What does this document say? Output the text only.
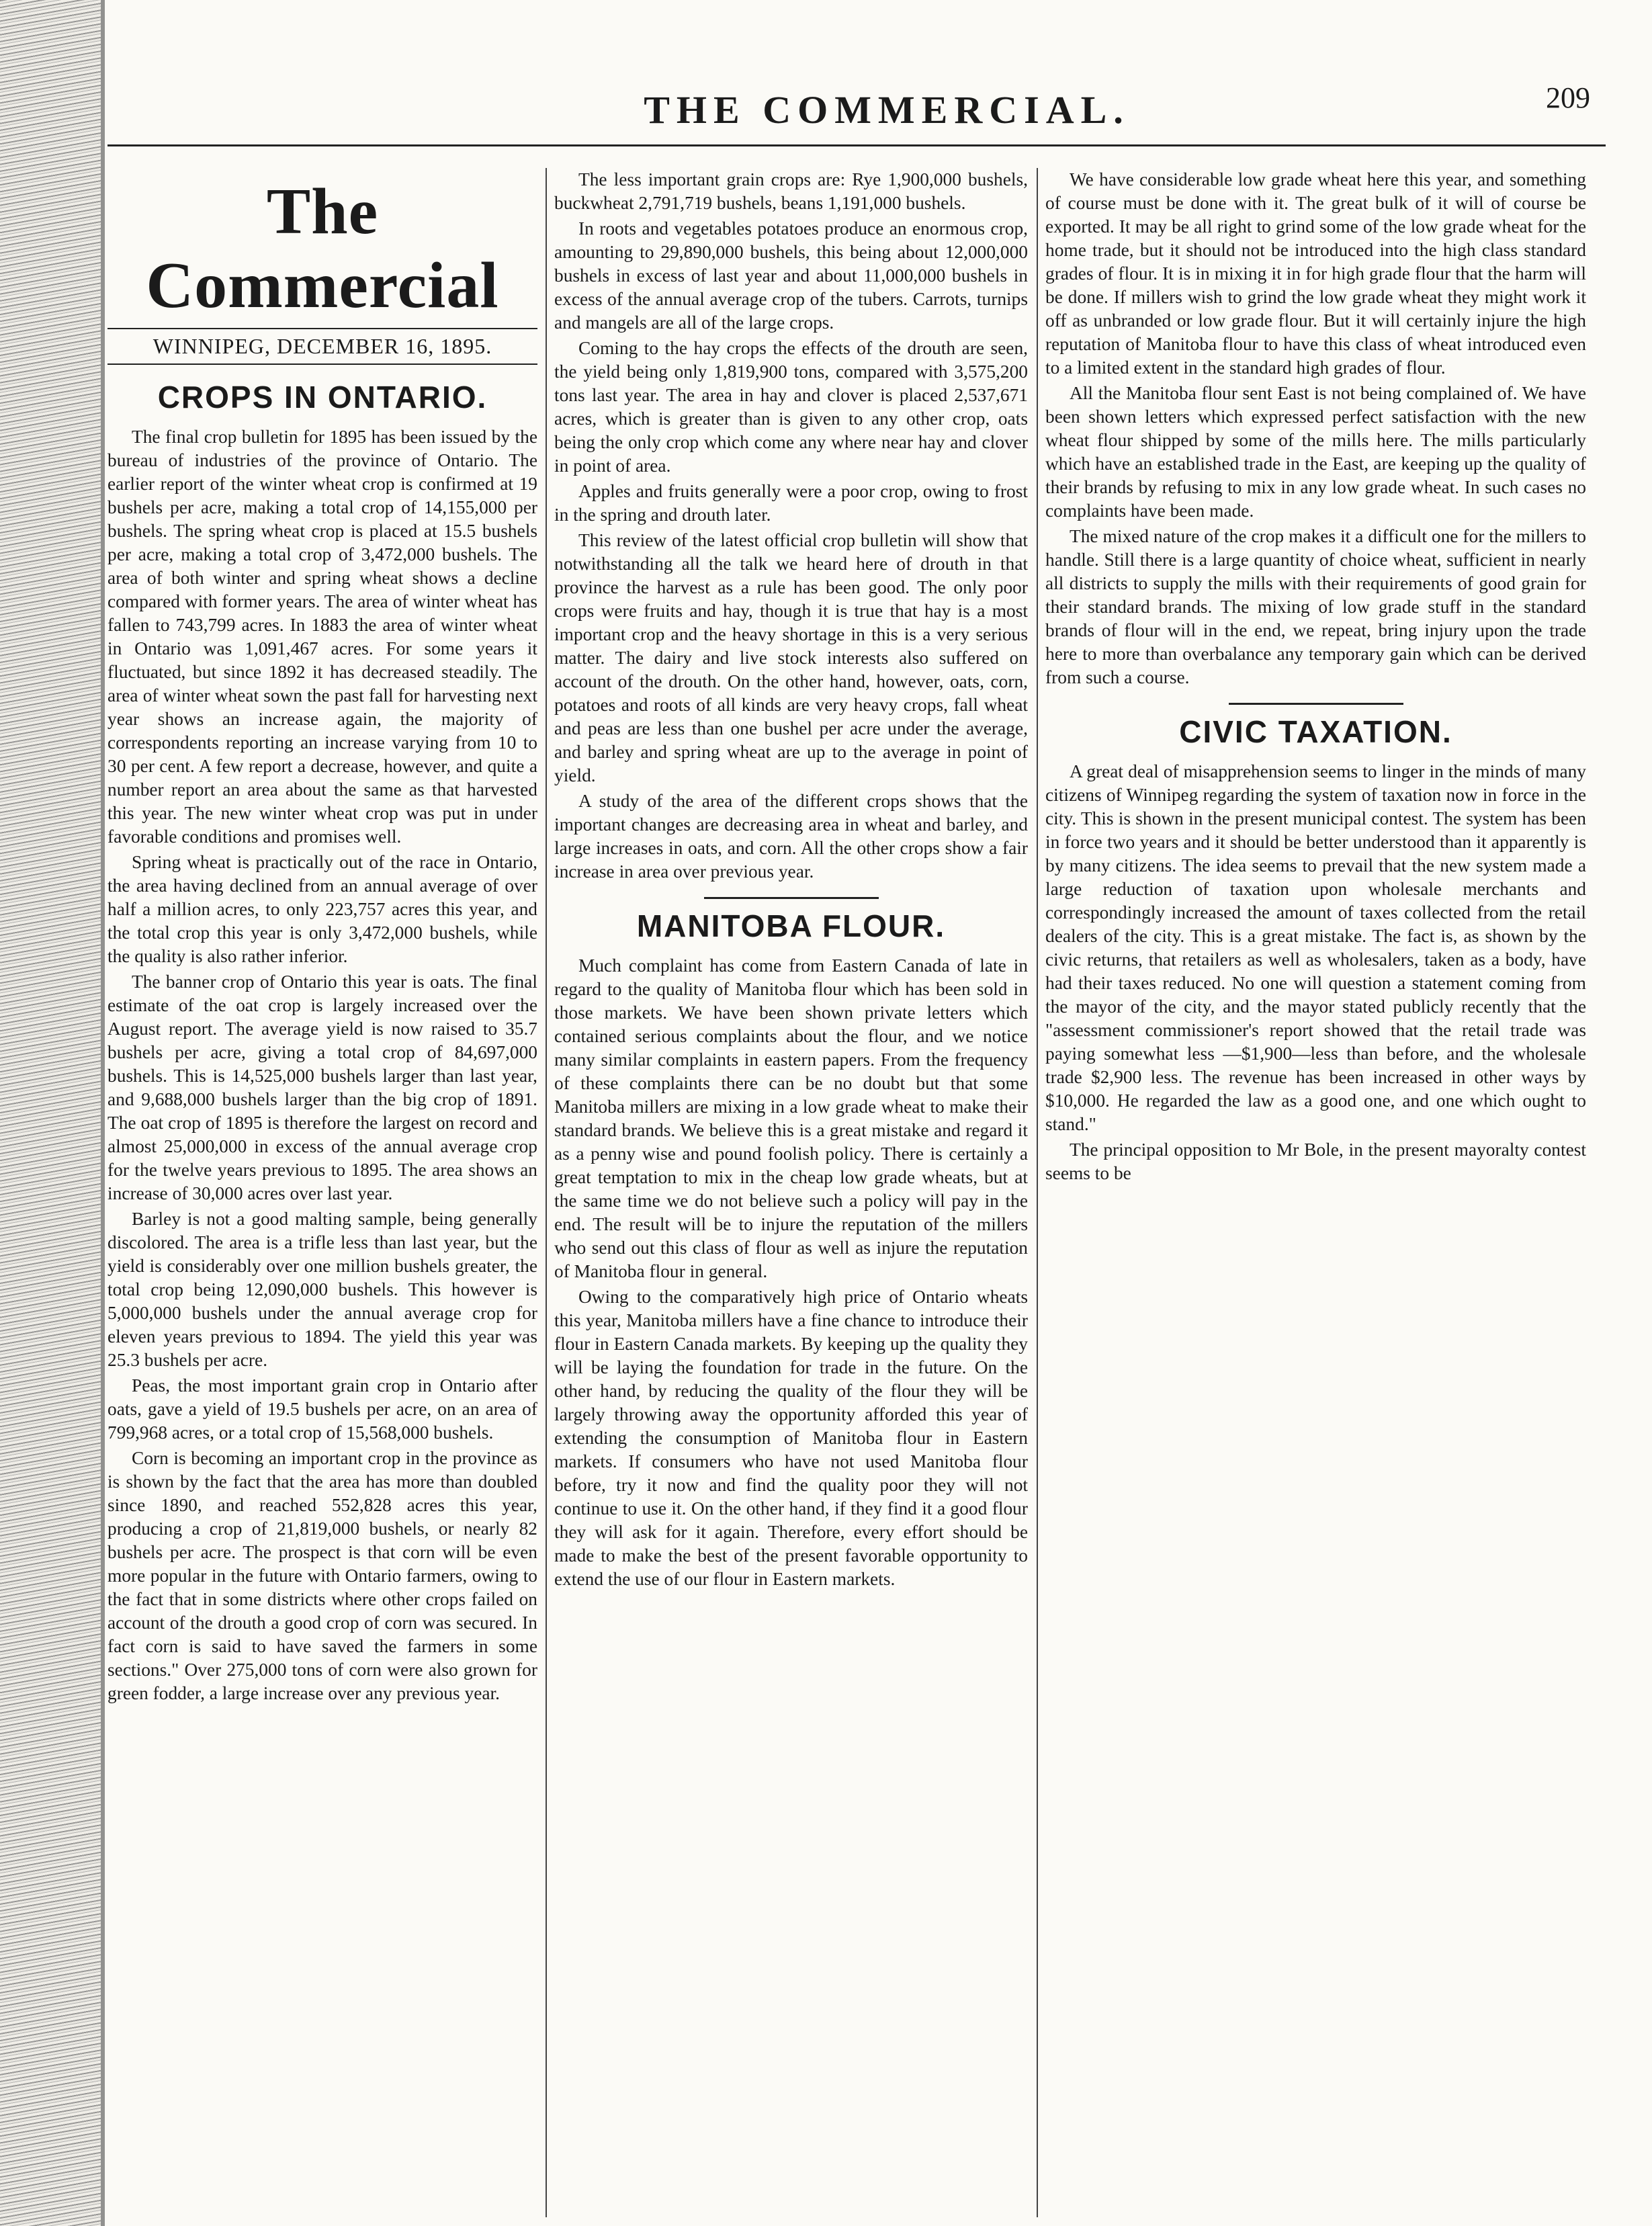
THE COMMERCIAL.	209
The Commercial
WINNIPEG, DECEMBER 16, 1895.
CROPS IN ONTARIO.

The final crop bulletin for 1895 has been issued by the bureau of industries of the province of Ontario. The earlier report of the winter wheat crop is confirmed at 19 bushels per acre, making a total crop of 14,155,000 per bushels. The spring wheat crop is placed at 15.5 bushels per acre, making a total crop of 3,472,000 bushels. The area of both winter and spring wheat shows a decline compared with former years. The area of winter wheat has fallen to 743,799 acres. In 1883 the area of winter wheat in Ontario was 1,091,467 acres. For some years it fluctuated, but since 1892 it has decreased steadily. The area of winter wheat sown the past fall for harvesting next year shows an increase again, the majority of correspondents reporting an increase varying from 10 to 30 per cent. A few report a decrease, however, and quite a number report an area about the same as that harvested this year. The new winter wheat crop was put in under favorable conditions and promises well.

Spring wheat is practically out of the race in Ontario, the area having declined from an annual average of over half a million acres, to only 223,757 acres this year, and the total crop this year is only 3,472,000 bushels, while the quality is also rather inferior.

The banner crop of Ontario this year is oats. The final estimate of the oat crop is largely increased over the August report. The average yield is now raised to 35.7 bushels per acre, giving a total crop of 84,697,000 bushels. This is 14,525,000 bushels larger than last year, and 9,688,000 bushels larger than the big crop of 1891. The oat crop of 1895 is therefore the largest on record and almost 25,000,000 in excess of the annual average crop for the twelve years previous to 1895. The area shows an increase of 30,000 acres over last year.

Barley is not a good malting sample, being generally discolored. The area is a trifle less than last year, but the yield is considerably over one million bushels greater, the total crop being 12,090,000 bushels. This however is 5,000,000 bushels under the annual average crop for eleven years previous to 1894. The yield this year was 25.3 bushels per acre.

Peas, the most important grain crop in Ontario after oats, gave a yield of 19.5 bushels per acre, on an area of 799,968 acres, or a total crop of 15,568,000 bushels.

Corn is becoming an important crop in the province as is shown by the fact that the area has more than doubled since 1890, and reached 552,828 acres this year, producing a crop of 21,819,000 bushels, or nearly 82 bushels per acre. The prospect is that corn will be even more popular in the future with Ontario farmers, owing to the fact that in some districts where other crops failed on account of the drouth a good crop of corn was secured. In fact corn is said to have saved the farmers in some sections." Over 275,000 tons of corn were also grown for green fodder, a large increase over any previous year.

The less important grain crops are: Rye 1,900,000 bushels, buckwheat 2,791,719 bushels, beans 1,191,000 bushels.

In roots and vegetables potatoes produce an enormous crop, amounting to 29,890,000 bushels, this being about 12,000,000 bushels in excess of last year and about 11,000,000 bushels in excess of the annual average crop of the tubers. Carrots, turnips and mangels are all of the large crops.

Coming to the hay crops the effects of the drouth are seen, the yield being only 1,819,900 tons, compared with 3,575,200 tons last year. The area in hay and clover is placed 2,537,671 acres, which is greater than is given to any other crop, oats being the only crop which come any where near hay and clover in point of area.

Apples and fruits generally were a poor crop, owing to frost in the spring and drouth later.

This review of the latest official crop bulletin will show that notwithstanding all the talk we heard here of drouth in that province the harvest as a rule has been good. The only poor crops were fruits and hay, though it is true that hay is a most important crop and the heavy shortage in this is a very serious matter. The dairy and live stock interests also suffered on account of the drouth. On the other hand, however, oats, corn, potatoes and roots of all kinds are very heavy crops, fall wheat and peas are less than one bushel per acre under the average, and barley and spring wheat are up to the average in point of yield.

A study of the area of the different crops shows that the important changes are decreasing area in wheat and barley, and large increases in oats, and corn. All the other crops show a fair increase in area over previous year.

MANITOBA FLOUR.

Much complaint has come from Eastern Canada of late in regard to the quality of Manitoba flour which has been sold in those markets. We have been shown private letters which contained serious complaints about the flour, and we notice many similar complaints in eastern papers. From the frequency of these complaints there can be no doubt but that some Manitoba millers are mixing in a low grade wheat to make their standard brands. We believe this is a great mistake and regard it as a penny wise and pound foolish policy. There is certainly a great temptation to mix in the cheap low grade wheats, but at the same time we do not believe such a policy will pay in the end. The result will be to injure the reputation of the millers who send out this class of flour as well as injure the reputation of Manitoba flour in general.

Owing to the comparatively high price of Ontario wheats this year, Manitoba millers have a fine chance to introduce their flour in Eastern Canada markets. By keeping up the quality they will be laying the foundation for trade in the future. On the other hand, by reducing the quality of the flour they will be largely throwing away the opportunity afforded this year of extending the consumption of Manitoba flour in Eastern markets. If consumers who have not used Manitoba flour before, try it now and find the quality poor they will not continue to use it. On the other hand, if they find it a good flour they will ask for it again. Therefore, every effort should be made to make the best of the present favorable opportunity to extend the use of our flour in Eastern markets.

We have considerable low grade wheat here this year, and something of course must be done with it. The great bulk of it will of course be exported. It may be all right to grind some of the low grade wheat for the home trade, but it should not be introduced into the high class standard grades of flour. It is in mixing it in for high grade flour that the harm will be done. If millers wish to grind the low grade wheat they might work it off as unbranded or low grade flour. But it will certainly injure the high reputation of Manitoba flour to have this class of wheat introduced even to a limited extent in the standard high grades of flour.

All the Manitoba flour sent East is not being complained of. We have been shown letters which expressed perfect satisfaction with the new wheat flour shipped by some of the mills here. The mills particularly which have an established trade in the East, are keeping up the quality of their brands by refusing to mix in any low grade wheat. In such cases no complaints have been made.

The mixed nature of the crop makes it a difficult one for the millers to handle. Still there is a large quantity of choice wheat, sufficient in nearly all districts to supply the mills with their requirements of good grain for their standard brands. The mixing of low grade stuff in the standard brands of flour will in the end, we repeat, bring injury upon the trade here to more than overbalance any temporary gain which can be derived from such a course.

CIVIC TAXATION.

A great deal of misapprehension seems to linger in the minds of many citizens of Winnipeg regarding the system of taxation now in force in the city. This is shown in the present municipal contest. The system has been in force two years and it should be better understood than it apparently is by many citizens. The idea seems to prevail that the new system made a large reduction of taxation upon wholesale merchants and correspondingly increased the amount of taxes collected from the retail dealers of the city. This is a great mistake. The fact is, as shown by the civic returns, that retailers as well as wholesalers, taken as a body, have had their taxes reduced. No one will question a statement coming from the mayor of the city, and the mayor stated publicly recently that the "assessment commissioner's report showed that the retail trade was paying somewhat less —$1,900—less than before, and the wholesale trade $2,900 less. The revenue has been increased in other ways by $10,000. He regarded the law as a good one, and one which ought to stand."

The principal opposition to Mr Bole, in the present mayoralty contest seems to be
